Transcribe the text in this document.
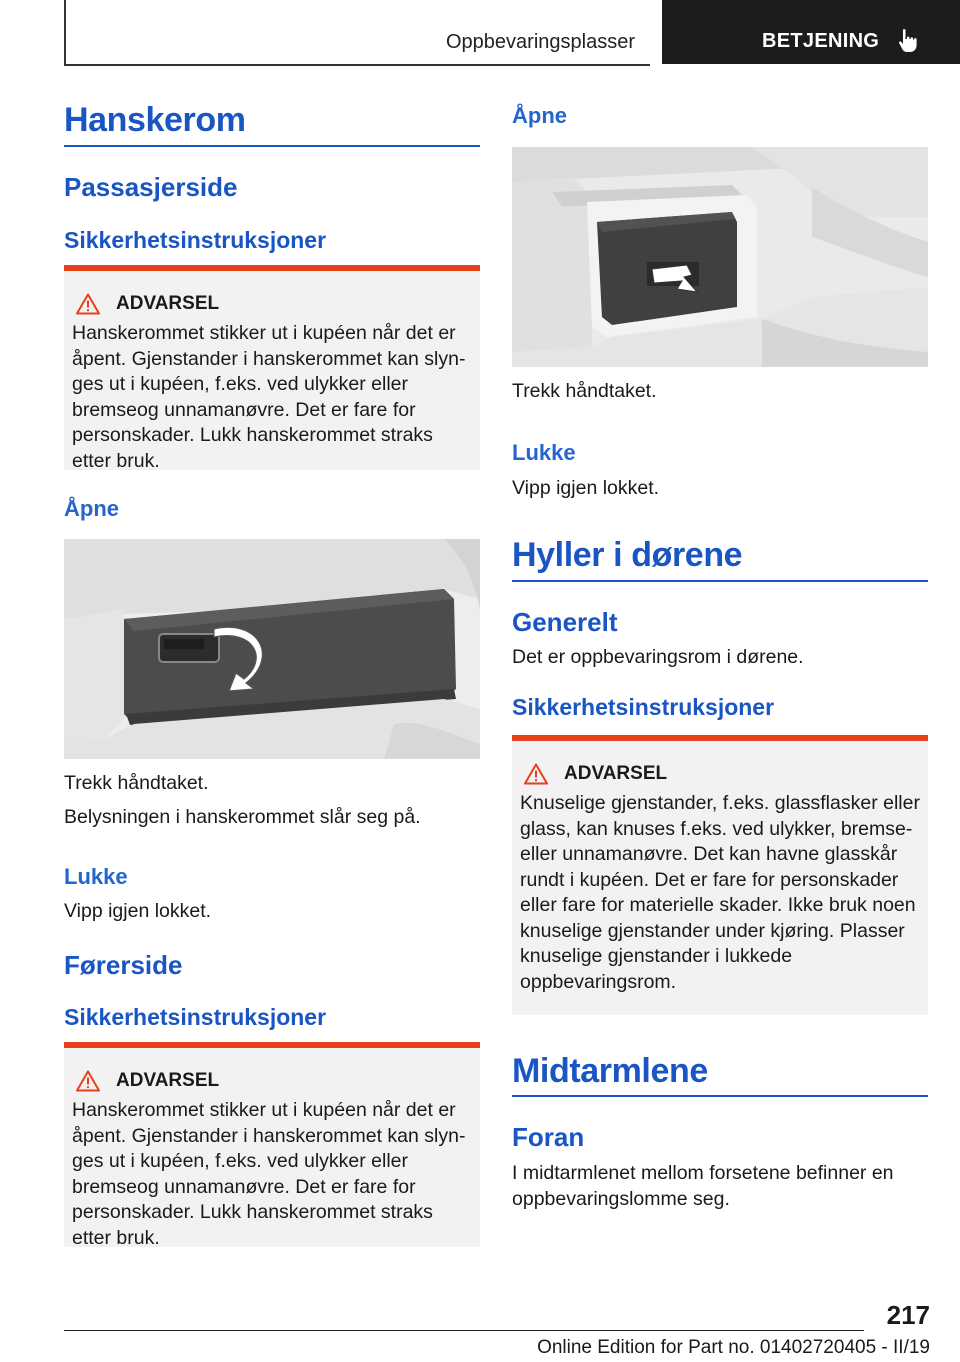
Oppbevaringsplasser	BETJENING
Hanskerom
Passasjerside
Sikkerhetsinstruksjoner
ADVARSEL
Hanskerommet stikker ut i kupéen når det er åpent. Gjenstander i hanskerommet kan slynges ut i kupéen, f.eks. ved ulykker eller bremseog unnamanøvre. Det er fare for personskader. Lukk hanskerommet straks etter bruk.
Åpne
Trekk håndtaket.
Belysningen i hanskerommet slår seg på.
Lukke
Vipp igjen lokket.
Førerside
Sikkerhetsinstruksjoner
ADVARSEL
Hanskerommet stikker ut i kupéen når det er åpent. Gjenstander i hanskerommet kan slynges ut i kupéen, f.eks. ved ulykker eller bremseog unnamanøvre. Det er fare for personskader. Lukk hanskerommet straks etter bruk.
Åpne
Trekk håndtaket.
Lukke
Vipp igjen lokket.
Hyller i dørene
Generelt
Det er oppbevaringsrom i dørene.
Sikkerhetsinstruksjoner
ADVARSEL
Knuselige gjenstander, f.eks. glassflasker eller glass, kan knuses f.eks. ved ulykker, bremseeller unnamanøvre. Det kan havne glasskår rundt i kupéen. Det er fare for personskader eller fare for materielle skader. Ikke bruk noen knuselige gjenstander under kjøring. Plasser knuselige gjenstander i lukkede oppbevaringsrom.
Midtarmlene
Foran
I midtarmlenet mellom forsetene befinner en oppbevaringslomme seg.
217
Online Edition for Part no. 01402720405 - II/19
